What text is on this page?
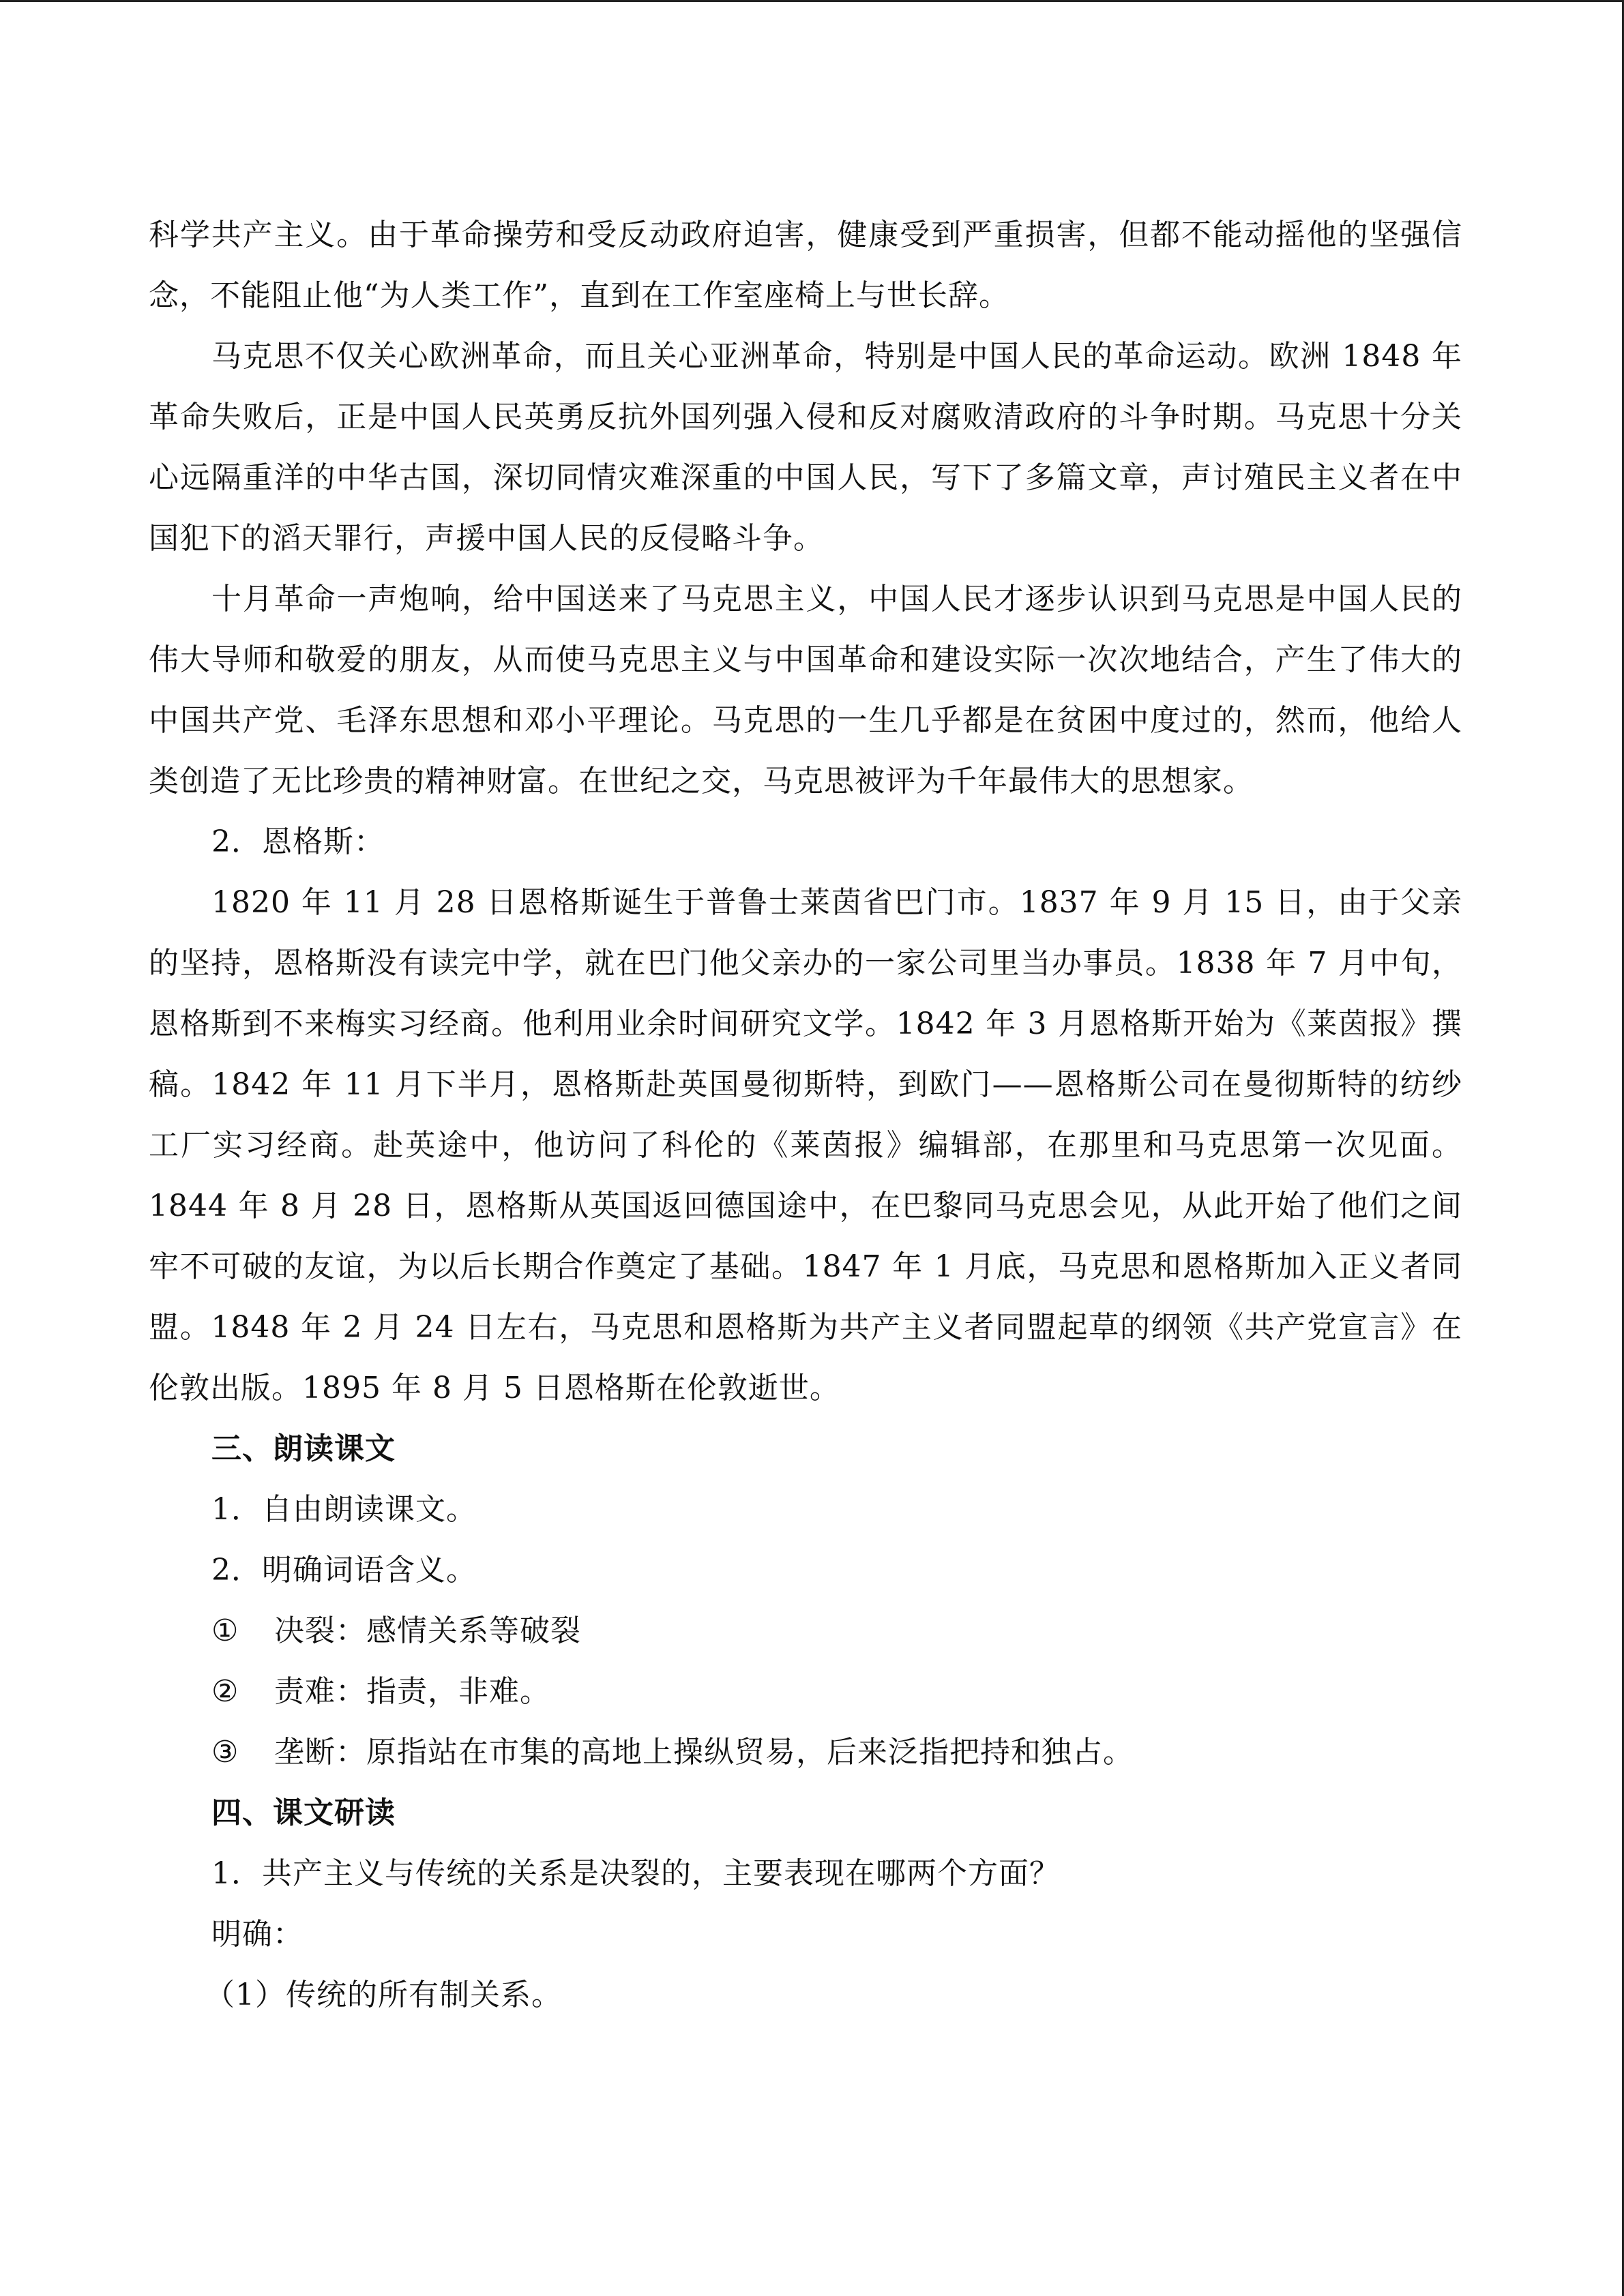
科学共产主义。由于革命操劳和受反动政府迫害，健康受到严重损害，但都不能动摇他的坚强信念，不能阻止他“为人类工作”，直到在工作室座椅上与世长辞。

马克思不仅关心欧洲革命，而且关心亚洲革命，特别是中国人民的革命运动。欧洲 1848 年革命失败后，正是中国人民英勇反抗外国列强入侵和反对腐败清政府的斗争时期。马克思十分关心远隔重洋的中华古国，深切同情灾难深重的中国人民，写下了多篇文章，声讨殖民主义者在中国犯下的滔天罪行，声援中国人民的反侵略斗争。

十月革命一声炮响，给中国送来了马克思主义，中国人民才逐步认识到马克思是中国人民的伟大导师和敬爱的朋友，从而使马克思主义与中国革命和建设实际一次次地结合，产生了伟大的中国共产党、毛泽东思想和邓小平理论。马克思的一生几乎都是在贫困中度过的，然而，他给人类创造了无比珍贵的精神财富。在世纪之交，马克思被评为千年最伟大的思想家。

2．恩格斯：

1820 年 11 月 28 日恩格斯诞生于普鲁士莱茵省巴门市。1837 年 9 月 15 日，由于父亲的坚持，恩格斯没有读完中学，就在巴门他父亲办的一家公司里当办事员。1838 年 7 月中旬，恩格斯到不来梅实习经商。他利用业余时间研究文学。1842 年 3 月恩格斯开始为《莱茵报》撰稿。1842 年 11 月下半月，恩格斯赴英国曼彻斯特，到欧门——恩格斯公司在曼彻斯特的纺纱工厂实习经商。赴英途中，他访问了科伦的《莱茵报》编辑部，在那里和马克思第一次见面。1844 年 8 月 28 日，恩格斯从英国返回德国途中，在巴黎同马克思会见，从此开始了他们之间牢不可破的友谊，为以后长期合作奠定了基础。1847 年 1 月底，马克思和恩格斯加入正义者同盟。1848 年 2 月 24 日左右，马克思和恩格斯为共产主义者同盟起草的纲领《共产党宣言》在伦敦出版。1895 年 8 月 5 日恩格斯在伦敦逝世。

三、朗读课文

1．自由朗读课文。

2．明确词语含义。

① 决裂：感情关系等破裂

② 责难：指责，非难。

③ 垄断：原指站在市集的高地上操纵贸易，后来泛指把持和独占。

四、课文研读

1．共产主义与传统的关系是决裂的，主要表现在哪两个方面？

明确：

（1）传统的所有制关系。
